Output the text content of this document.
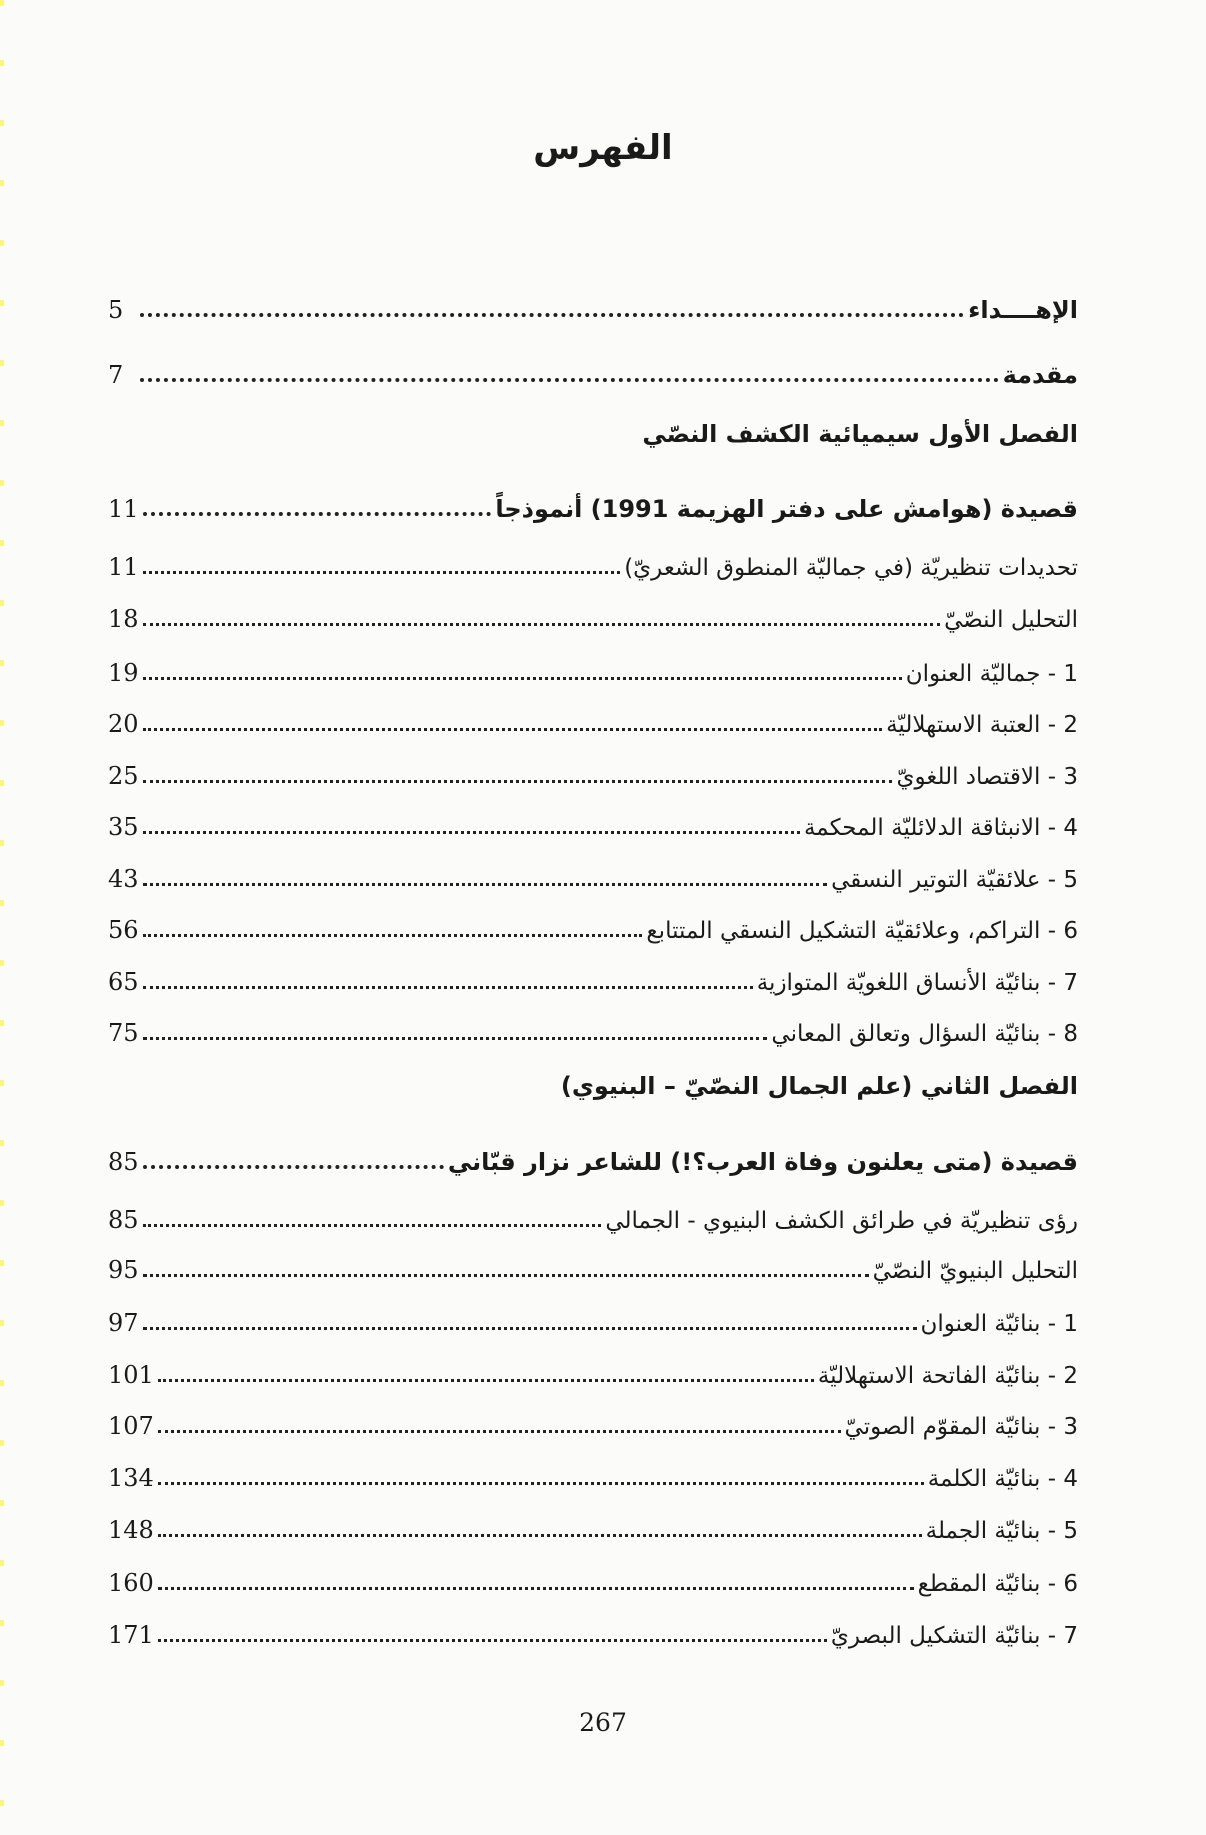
الفهرس
الإهــــداء
5
مقدمة
7
الفصل الأول سيميائية الكشف النصّي
قصيدة (هوامش على دفتر الهزيمة 1991) أنموذجاً
11
تحديدات تنظيريّة (في جماليّة المنطوق الشعريّ)
11
التحليل النصّيّ
18
1 - جماليّة العنوان
19
2 - العتبة الاستهلاليّة
20
3 - الاقتصاد اللغويّ
25
4 - الانبثاقة الدلائليّة المحكمة
35
5 - علائقيّة التوتير النسقي
43
6 - التراكم، وعلائقيّة التشكيل النسقي المتتابع
56
7 - بنائيّة الأنساق اللغويّة المتوازية
65
8 - بنائيّة السؤال وتعالق المعاني
75
الفصل الثاني (علم الجمال النصّيّ – البنيوي)
قصيدة (متى يعلنون وفاة العرب؟!) للشاعر نزار قبّاني
85
رؤى تنظيريّة في طرائق الكشف البنيوي - الجمالي
85
التحليل البنيويّ النصّيّ
95
1 - بنائيّة العنوان
97
2 - بنائيّة الفاتحة الاستهلاليّة
101
3 - بنائيّة المقوّم الصوتيّ
107
4 - بنائيّة الكلمة
134
5 - بنائيّة الجملة
148
6 - بنائيّة المقطع
160
7 - بنائيّة التشكيل البصريّ
171
267
